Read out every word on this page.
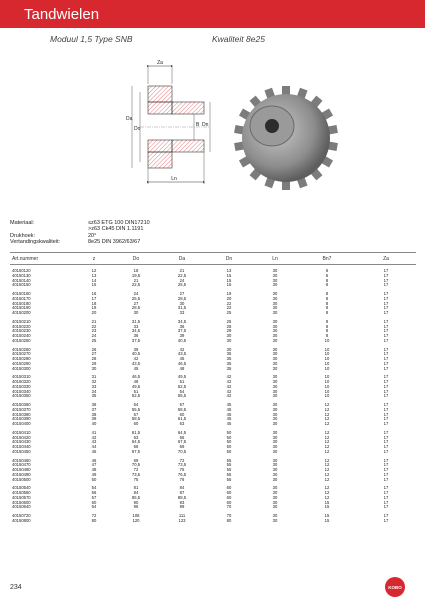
Tandwielen
Moduul 1,5 Type SNB	Kwaliteit 8e25
Za
Da
Do
B Dn
Ln
Materiaal:	≤z63 ETG 100 DIN17210
>z63 Ck45 DIN 1.1191
Drukhoek:	20°
Vertandingskwaliteit:	8e25 DIN 3962/63/67
Art.nummer	z	Do	Da	Dn	Ln	Bn7	Za
40150120	12	18	21	13	30	6	17
40150130	13	19,5	22,5	15	30	6	17
40150140	14	21	24	15	30	8	17
40150150	15	22,5	25,5	15	30	8	17
40150160	16	24	27	19	30	8	17
40150170	17	25,5	28,5	20	30	8	17
40150180	18	27	30	22	30	8	17
40150190	19	28,5	31,5	22	30	8	17
40150200	20	30	33	25	30	8	17
40150210	21	31,5	34,5	25	30	8	17
40150220	22	33	36	28	30	8	17
40150230	23	34,5	37,5	29	30	8	17
40150240	24	36	39	30	30	8	17
40150250	25	37,5	40,5	30	30	10	17
40150260	26	39	42	30	30	10	17
40150270	27	40,5	43,5	35	30	10	17
40150280	28	42	45	35	30	10	17
40150290	29	43,5	46,5	35	30	10	17
40150300	30	45	48	35	30	10	17
40150310	31	46,5	49,5	42	30	10	17
40150320	32	48	51	42	30	10	17
40150330	33	49,5	52,5	42	30	10	17
40150340	34	51	54	42	30	10	17
40150350	35	52,5	55,5	42	30	10	17
40150360	36	54	57	45	30	12	17
40150370	37	55,5	58,5	45	30	12	17
40150380	38	57	60	45	30	12	17
40150390	39	58,5	61,5	45	30	12	17
40150400	40	60	63	45	30	12	17
40150410	41	61,5	64,5	50	30	12	17
40150420	42	63	66	50	30	12	17
40150430	43	64,5	67,5	50	30	12	17
40150440	44	66	69	50	30	12	17
40150450	45	67,5	70,5	50	30	12	17
40150460	46	69	72	55	30	12	17
40150470	47	70,5	73,5	55	30	12	17
40150480	48	72	75	55	30	12	17
40150490	49	73,5	76,5	55	30	12	17
40150500	50	75	78	55	30	12	17
40150540	54	81	84	60	30	12	17
40150560	56	84	87	60	30	12	17
40150570	57	85,5	88,5	60	30	12	17
40150600	60	90	93	60	30	15	17
40150640	64	96	99	70	30	15	17
40150720	72	108	111	70	30	15	17
40150800	80	120	123	80	30	15	17
234	KOBO
